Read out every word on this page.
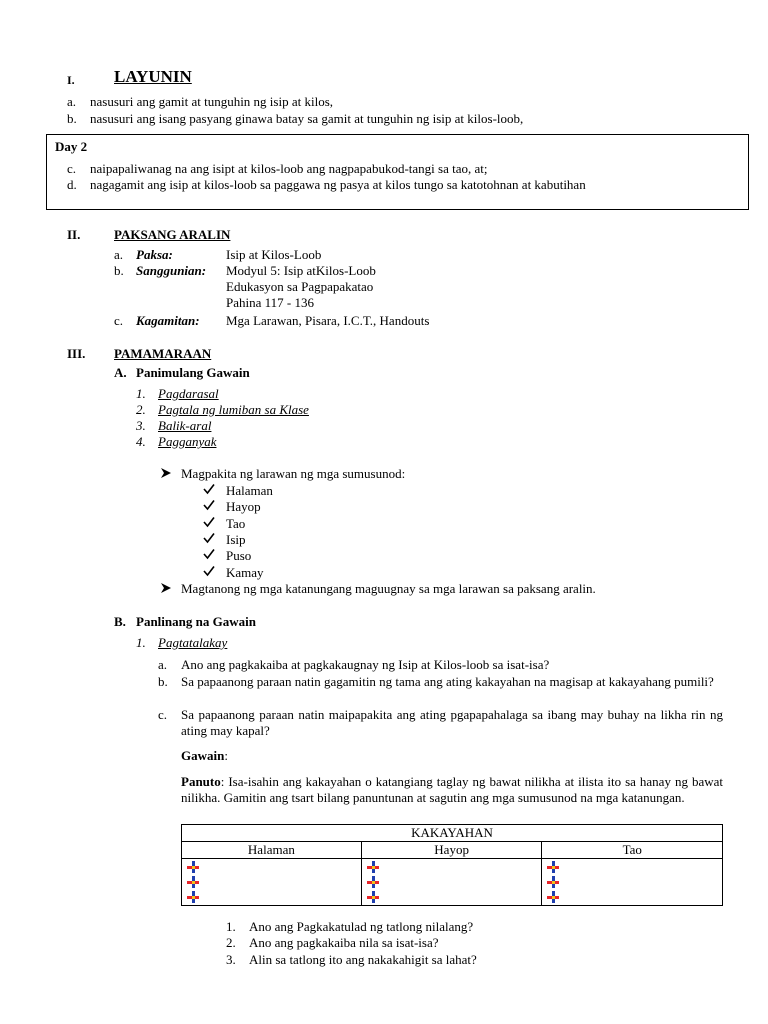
I. LAYUNIN
a. nasusuri ang gamit at tunguhin ng isip at kilos,
b. nasusuri ang isang pasyang ginawa batay sa gamit at tunguhin ng isip at kilos-loob,
Day 2
c. naipapaliwanag na ang isipt at kilos-loob ang nagpapabukod-tangi sa tao, at;
d. nagagamit ang isip at kilos-loob sa paggawa ng pasya at kilos tungo sa katotohnan at kabutihan
II.	PAKSANG ARALIN
a. Paksa:	Isip at Kilos-Loob
b. Sanggunian: Modyul 5: Isip atKilos-Loob
Edukasyon sa Pagpapakatao
Pahina 117 - 136
c. Kagamitan: Mga Larawan, Pisara, I.C.T., Handouts
III. PAMAMARAAN
A. Panimulang Gawain
1. Pagdarasal
2. Pagtala ng lumiban sa Klase
3. Balik-aral
4. Pagganyak
Magpakita ng larawan ng mga sumusunod:
Halaman
Hayop
Tao
Isip
Puso
Kamay
Magtanong ng mga katanungang maguugnay sa mga larawan sa paksang aralin.
B. Panlinang na Gawain
1. Pagtatalakay
a. Ano ang pagkakaiba at pagkakaugnay ng Isip at Kilos-loob sa isat-isa?
b. Sa papaanong paraan natin gagamitin ng tama ang ating kakayahan na magisap at kakayahang pumili?
c. Sa papaanong paraan natin maipapakita ang ating pgapapahalaga sa ibang may buhay na likha rin ng ating may kapal?
Gawain:
Panuto: Isa-isahin ang kakayahan o katangiang taglay ng bawat nilikha at ilista ito sa hanay ng bawat nilikha. Gamitin ang tsart bilang panuntunan at sagutin ang mga sumusunod na mga katanungan.
KAKAYAHAN		
Halaman	Hayop	Tao

1. Ano ang Pagkakatulad ng tatlong nilalang?
2. Ano ang pagkakaiba nila sa isat-isa?
3. Alin sa tatlong ito ang nakakahigit sa lahat?
